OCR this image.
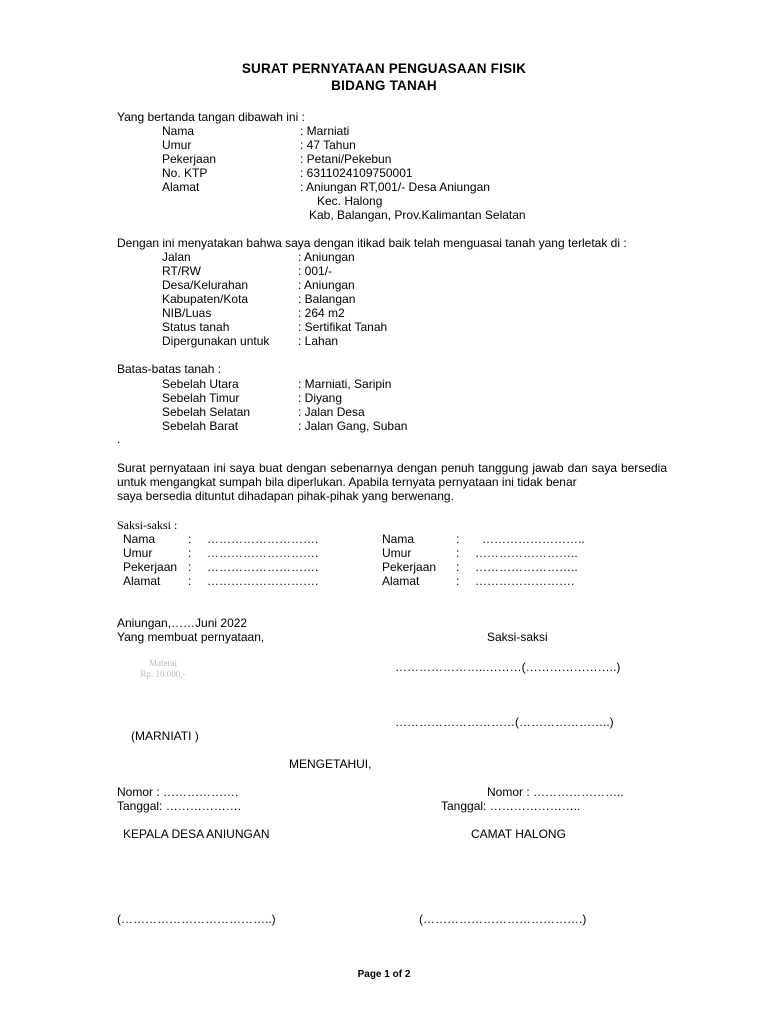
SURAT PERNYATAAN PENGUASAAN FISIK
BIDANG TANAH
Yang bertanda tangan dibawah ini :
Nama	: Marniati
Umur	: 47 Tahun
Pekerjaan	: Petani/Pekebun
No. KTP	: 6311024109750001
Alamat	: Aniungan RT,001/- Desa Aniungan
Kec. Halong
Kab, Balangan, Prov.Kalimantan Selatan
Dengan ini menyatakan bahwa saya dengan itikad baik telah menguasai tanah yang terletak di :
Jalan	: Aniungan
RT/RW	: 001/-
Desa/Kelurahan	: Aniungan
Kabupaten/Kota	: Balangan
NIB/Luas	: 264 m2
Status tanah	: Sertifikat Tanah
Dipergunakan untuk : Lahan
Batas-batas tanah :
Sebelah Utara	: Marniati, Saripin
Sebelah Timur	: Diyang
Sebelah Selatan	: Jalan Desa
Sebelah Barat	: Jalan Gang, Suban
.
Surat pernyataan ini saya buat dengan sebenarnya dengan penuh tanggung jawab dan saya bersedia untuk mengangkat sumpah bila diperlukan. Apabila ternyata pernyataan ini tidak benar
saya bersedia dituntut dihadapan pihak-pihak yang berwenang.
Saksi-saksi :
Nama	: ……………………….
Umur	: ……………………….
Pekerjaan : ……………………….
Alamat : ……………………….
Nama	: ……………………..
Umur	: ……………………..
Pekerjaan : ……………………..
Alamat	: …………………….
Aniungan,……Juni 2022
Yang membuat pernyataan,	Saksi-saksi
…………………..………(…………………..)
Materai
Rp. 10.000,-
…………………………(…………………..)
(MARNIATI )
MENGETAHUI,
Nomor : ……………….
Tanggal: ……………….
Nomor : …………………..
Tanggal: …………………..
KEPALA DESA ANIUNGAN	CAMAT HALONG
(………………………………..)	(………………………………….)
Page 1 of 2
